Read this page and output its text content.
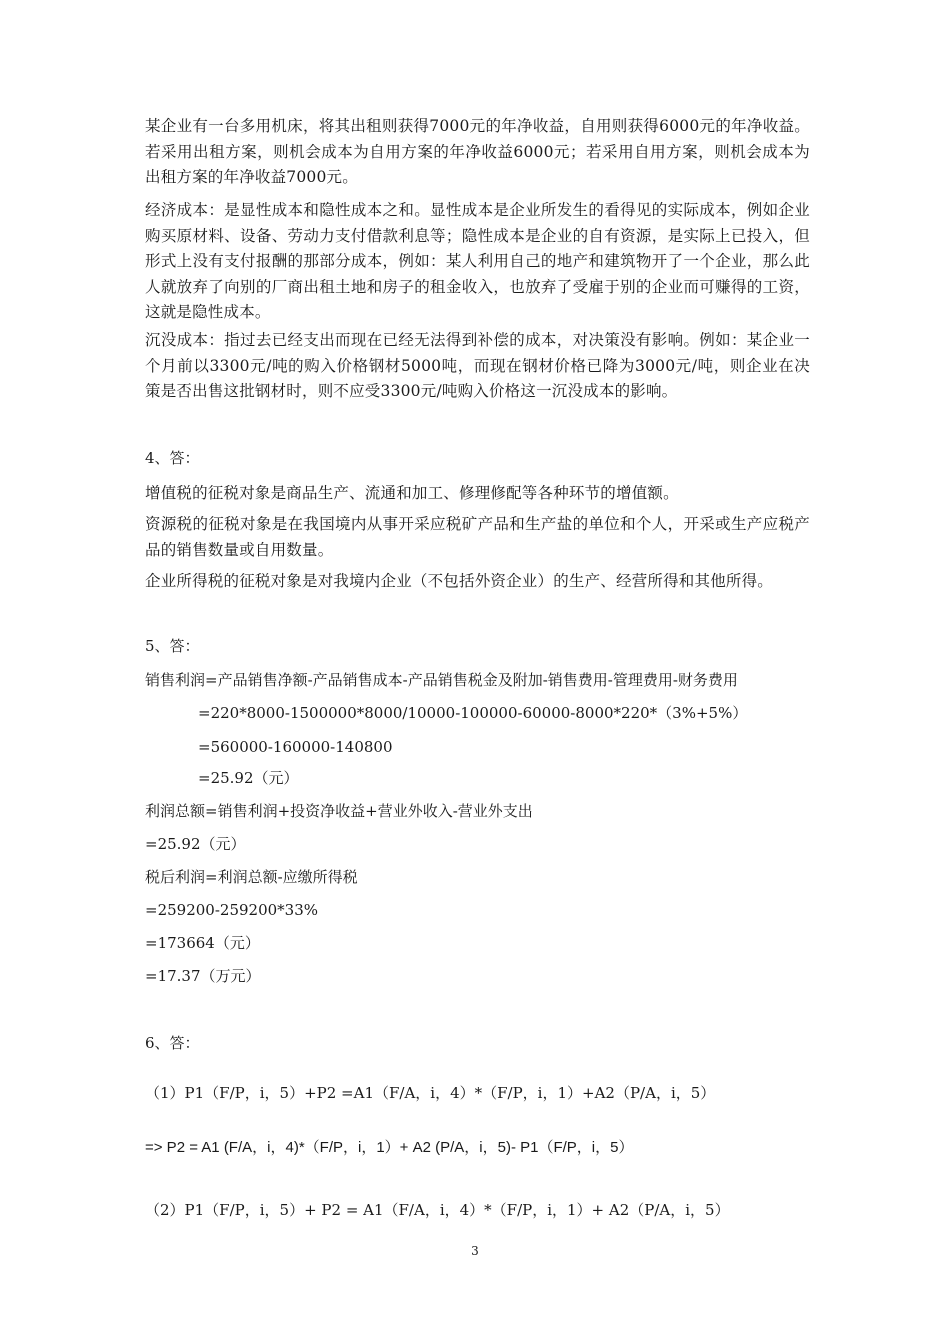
某企业有一台多用机床，将其出租则获得7000元的年净收益，自用则获得6000元的年净收益。若采用出租方案，则机会成本为自用方案的年净收益6000元；若采用自用方案，则机会成本为出租方案的年净收益7000元。

经济成本：是显性成本和隐性成本之和。显性成本是企业所发生的看得见的实际成本，例如企业购买原材料、设备、劳动力支付借款利息等；隐性成本是企业的自有资源，是实际上已投入，但形式上没有支付报酬的那部分成本，例如：某人利用自己的地产和建筑物开了一个企业，那么此人就放弃了向别的厂商出租土地和房子的租金收入，也放弃了受雇于别的企业而可赚得的工资，这就是隐性成本。

沉没成本：指过去已经支出而现在已经无法得到补偿的成本，对决策没有影响。例如：某企业一个月前以3300元/吨的购入价格钢材5000吨，而现在钢材价格已降为3000元/吨，则企业在决策是否出售这批钢材时，则不应受3300元/吨购入价格这一沉没成本的影响。

4、答：

增值税的征税对象是商品生产、流通和加工、修理修配等各种环节的增值额。

资源税的征税对象是在我国境内从事开采应税矿产品和生产盐的单位和个人，开采或生产应税产品的销售数量或自用数量。

企业所得税的征税对象是对我境内企业（不包括外资企业）的生产、经营所得和其他所得。

5、答：

销售利润=产品销售净额-产品销售成本-产品销售税金及附加-销售费用-管理费用-财务费用

=220*8000-1500000*8000/10000-100000-60000-8000*220*（3%+5%）

=560000-160000-140800

=25.92（元）

利润总额=销售利润+投资净收益+营业外收入-营业外支出

=25.92（元）

税后利润=利润总额-应缴所得税

=259200-259200*33%

=173664（元）

=17.37（万元）

6、答：

（1）P1（F/P，i，5）+P2 =A1（F/A，i，4）*（F/P，i，1）+A2（P/A，i，5）

=> P2 = A1 (F/A，i，4)*（F/P，i，1）+ A2 (P/A，i，5)- P1（F/P，i，5）

（2）P1（F/P，i，5）+ P2 = A1（F/A，i，4）*（F/P，i，1）+ A2（P/A，i，5）

3
